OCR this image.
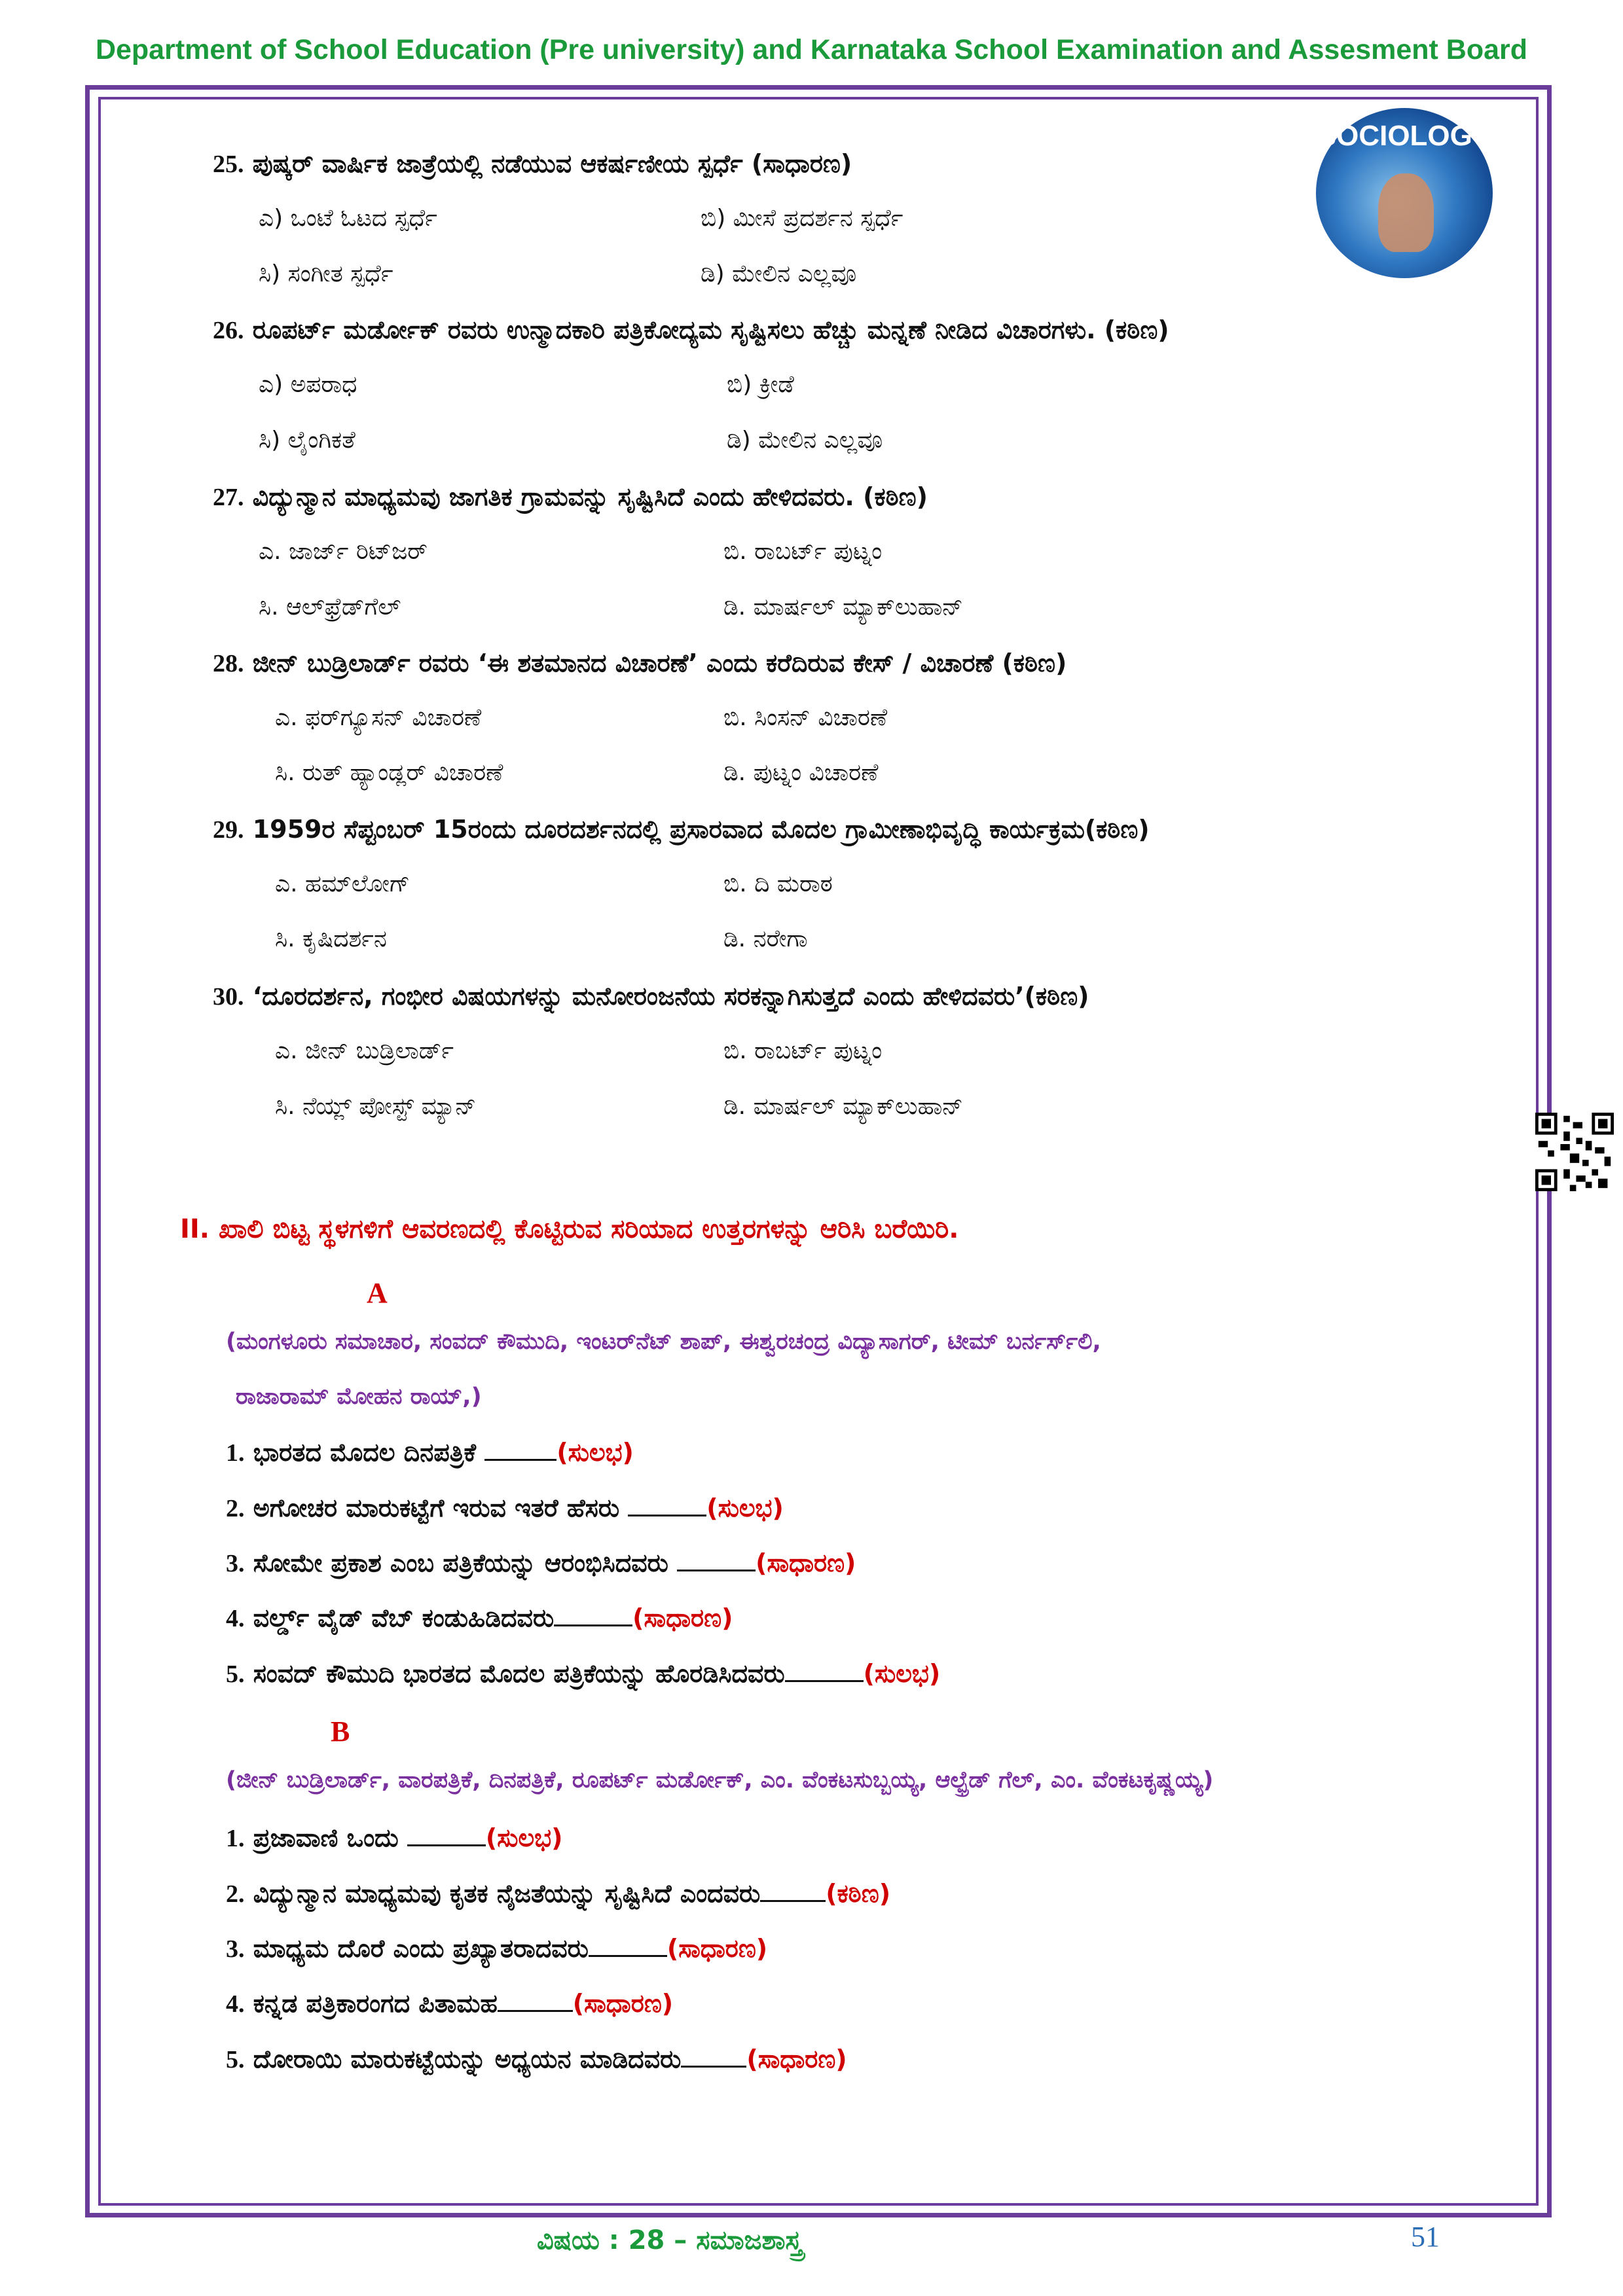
Department of School Education (Pre university) and Karnataka School Examination and Assesment Board
SOCIOLOGY
25. ಪುಷ್ಕರ್ ವಾರ್ಷಿಕ ಜಾತ್ರೆಯಲ್ಲಿ ನಡೆಯುವ ಆಕರ್ಷಣೀಯ ಸ್ಪರ್ಧೆ (ಸಾಧಾರಣ)
ಎ) ಒಂಟೆ ಓಟದ ಸ್ಪರ್ಧೆ	ಬಿ) ಮೀಸೆ ಪ್ರದರ್ಶನ ಸ್ಪರ್ಧೆ
ಸಿ) ಸಂಗೀತ ಸ್ಪರ್ಧೆ	ಡಿ) ಮೇಲಿನ ಎಲ್ಲವೂ
26. ರೂಪರ್ಟ್ ಮರ್ಡೋಕ್ ರವರು ಉನ್ಮಾದಕಾರಿ ಪತ್ರಿಕೋದ್ಯಮ ಸೃಷ್ಟಿಸಲು ಹೆಚ್ಚು ಮನ್ನಣೆ ನೀಡಿದ ವಿಚಾರಗಳು. (ಕಠಿಣ)
ಎ) ಅಪರಾಧ	ಬಿ) ಕ್ರೀಡೆ
ಸಿ) ಲೈಂಗಿಕತೆ	ಡಿ) ಮೇಲಿನ ಎಲ್ಲವೂ
27. ವಿದ್ಯುನ್ಮಾನ ಮಾಧ್ಯಮವು ಜಾಗತಿಕ ಗ್ರಾಮವನ್ನು ಸೃಷ್ಟಿಸಿದೆ ಎಂದು ಹೇಳಿದವರು. (ಕಠಿಣ)
ಎ. ಜಾರ್ಜ್ ರಿಟ್‌ಜರ್	ಬಿ. ರಾಬರ್ಟ್ ಪುಟ್ನಂ
ಸಿ. ಆಲ್‌ಫ್ರೆಡ್‌ಗೆಲ್	ಡಿ. ಮಾರ್ಷಲ್ ಮ್ಯಾಕ್‌ಲುಹಾನ್
28. ಜೀನ್ ಬುಡ್ರಿಲಾರ್ಡ್ ರವರು ‘ಈ ಶತಮಾನದ ವಿಚಾರಣೆ’ ಎಂದು ಕರೆದಿರುವ ಕೇಸ್ / ವಿಚಾರಣೆ (ಕಠಿಣ)
ಎ. ಫರ್‌ಗ್ಯೂಸನ್ ವಿಚಾರಣೆ	ಬಿ. ಸಿಂಸನ್ ವಿಚಾರಣೆ
ಸಿ. ರುತ್ ಹ್ಯಾಂಡ್ಲರ್ ವಿಚಾರಣೆ	ಡಿ. ಪುಟ್ನಂ ವಿಚಾರಣೆ
29. 1959ರ ಸೆಪ್ಟಂಬರ್ 15ರಂದು ದೂರದರ್ಶನದಲ್ಲಿ ಪ್ರಸಾರವಾದ ಮೊದಲ ಗ್ರಾಮೀಣಾಭಿವೃದ್ಧಿ ಕಾರ್ಯಕ್ರಮ(ಕಠಿಣ)
ಎ. ಹಮ್‌ಲೋಗ್	ಬಿ. ದಿ ಮರಾಠ
ಸಿ. ಕೃಷಿದರ್ಶನ	ಡಿ. ನರೇಗಾ
30. ‘ದೂರದರ್ಶನ, ಗಂಭೀರ ವಿಷಯಗಳನ್ನು ಮನೋರಂಜನೆಯ ಸರಕನ್ನಾಗಿಸುತ್ತದೆ ಎಂದು ಹೇಳಿದವರು’(ಕಠಿಣ)
ಎ. ಜೀನ್ ಬುಡ್ರಿಲಾರ್ಡ್	ಬಿ. ರಾಬರ್ಟ್ ಪುಟ್ನಂ
ಸಿ. ನೆಯ್ಲ್ ಪೋಸ್ಟ್ ಮ್ಯಾನ್	ಡಿ. ಮಾರ್ಷಲ್ ಮ್ಯಾಕ್‌ಲುಹಾನ್
II. ಖಾಲಿ ಬಿಟ್ಟ ಸ್ಥಳಗಳಿಗೆ ಆವರಣದಲ್ಲಿ ಕೊಟ್ಟಿರುವ ಸರಿಯಾದ ಉತ್ತರಗಳನ್ನು ಆರಿಸಿ ಬರೆಯಿರಿ.
A
(ಮಂಗಳೂರು ಸಮಾಚಾರ, ಸಂವದ್ ಕೌಮುದಿ, ಇಂಟರ್‌ನೆಟ್ ಶಾಪ್, ಈಶ್ವರಚಂದ್ರ ವಿದ್ಯಾಸಾಗರ್, ಟೀಮ್ ಬರ್ನರ್ಸ್‌ಲಿ,
ರಾಜಾರಾಮ್ ಮೋಹನ ರಾಯ್,)
1. ಭಾರತದ ಮೊದಲ ದಿನಪತ್ರಿಕೆ	(ಸುಲಭ)
2. ಅಗೋಚರ ಮಾರುಕಟ್ಟೆಗೆ ಇರುವ ಇತರೆ ಹೆಸರು	(ಸುಲಭ)
3. ಸೋಮೇ ಪ್ರಕಾಶ ಎಂಬ ಪತ್ರಿಕೆಯನ್ನು ಆರಂಭಿಸಿದವರು	(ಸಾಧಾರಣ)
4. ವರ್ಲ್ಡ್ ವೈಡ್ ವೆಬ್ ಕಂಡುಹಿಡಿದವರು	(ಸಾಧಾರಣ)
5. ಸಂವದ್ ಕೌಮುದಿ ಭಾರತದ ಮೊದಲ ಪತ್ರಿಕೆಯನ್ನು ಹೊರಡಿಸಿದವರು	(ಸುಲಭ)
B
(ಜೀನ್ ಬುಡ್ರಿಲಾರ್ಡ್, ವಾರಪತ್ರಿಕೆ, ದಿನಪತ್ರಿಕೆ, ರೂಪರ್ಟ್ ಮರ್ಡೋಕ್, ಎಂ. ವೆಂಕಟಸುಬ್ಬಯ್ಯ, ಆಲ್ಫ್ರೆಡ್ ಗೆಲ್, ಎಂ. ವೆಂಕಟಕೃಷ್ಣಯ್ಯ)
1. ಪ್ರಜಾವಾಣಿ ಒಂದು	(ಸುಲಭ)
2. ವಿದ್ಯುನ್ಮಾನ ಮಾಧ್ಯಮವು ಕೃತಕ ನೈಜತೆಯನ್ನು ಸೃಷ್ಟಿಸಿದೆ ಎಂದವರು	(ಕಠಿಣ)
3. ಮಾಧ್ಯಮ ದೊರೆ ಎಂದು ಪ್ರಖ್ಯಾತರಾದವರು	(ಸಾಧಾರಣ)
4. ಕನ್ನಡ ಪತ್ರಿಕಾರಂಗದ ಪಿತಾಮಹ	(ಸಾಧಾರಣ)
5. ದೋರಾಯಿ ಮಾರುಕಟ್ಟೆಯನ್ನು ಅಧ್ಯಯನ ಮಾಡಿದವರು	(ಸಾಧಾರಣ)
ವಿಷಯ : 28 – ಸಮಾಜಶಾಸ್ತ್ರ	51
